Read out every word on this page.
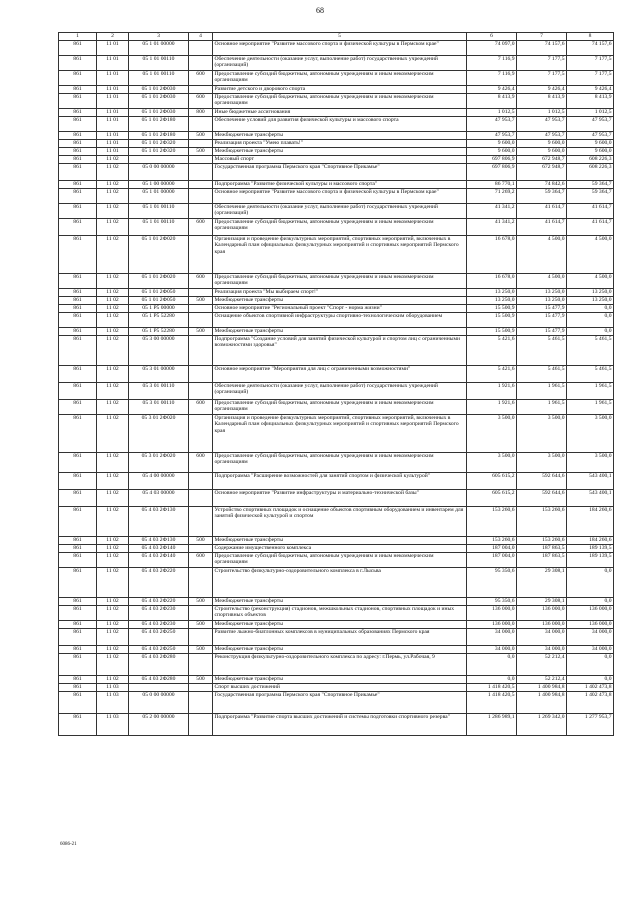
68
1	2	3	4	5	6	7	8
861	11 01	05 1 01 00000		Основное мероприятие "Развитие массового спорта и физической культуры в Пермском крае"	74 097,0	74 157,6	74 157,6
861	11 01	05 1 01 00110		Обеспечение деятельности (оказание услуг, выполнение работ) государственных учреждений (организаций)	7 116,9	7 177,5	7 177,5
861	11 01	05 1 01 00110	600	Предоставление субсидий бюджетным, автономным учреждениям и иным некоммерческим организациям	7 116,9	7 177,5	7 177,5
861	11 01	05 1 01 2Ф030		Развитие детского и дворового спорта	9 426,4	9 426,4	9 426,4
861	11 01	05 1 01 2Ф030	600	Предоставление субсидий бюджетным, автономным учреждениям и иным некоммерческим организациям	8 413,9	8 413,9	8 413,9
861	11 01	05 1 01 2Ф030	800	Иные бюджетные ассигнования	1 012,5	1 012,5	1 012,5
861	11 01	05 1 01 2Ф180		Обеспечение условий для развития физической культуры и массового спорта	47 953,7	47 953,7	47 953,7
861	11 01	05 1 01 2Ф180	500	Межбюджетные трансферты	47 953,7	47 953,7	47 953,7
861	11 01	05 1 01 2Ф320		Реализация проекта "Умею плавать!"	9 600,0	9 600,0	9 600,0
861	11 01	05 1 01 2Ф320	500	Межбюджетные трансферты	9 600,0	9 600,0	9 600,0
861	11 02			Массовый спорт	697 806,9	672 948,7	608 226,3
861	11 02	05 0 00 00000		Государственная программа Пермского края "Спортивное Прикамье"	697 806,9	672 948,7	608 226,3
861	11 02	05 1 00 00000		Подпрограмма "Развитие физической культуры и массового спорта"	86 770,1	74 842,6	59 364,7
861	11 02	05 1 01 00000		Основное мероприятие "Развитие массового спорта и физической культуры в Пермском крае"	71 269,2	59 364,7	59 364,7
861	11 02	05 1 01 00110		Обеспечение деятельности (оказание услуг, выполнение работ) государственных учреждений (организаций)	41 341,2	41 614,7	41 614,7
861	11 02	05 1 01 00110	600	Предоставление субсидий бюджетным, автономным учреждениям и иным некоммерческим организациям	41 341,2	41 614,7	41 614,7
861	11 02	05 1 01 2Ф020		Организация и проведение физкультурных мероприятий, спортивных мероприятий, включенных в Календарный план официальных физкультурных мероприятий и спортивных мероприятий Пермского края	16 678,0	4 500,0	4 500,0
861	11 02	05 1 01 2Ф020	600	Предоставление субсидий бюджетным, автономным учреждениям и иным некоммерческим организациям	16 678,0	4 500,0	4 500,0
861	11 02	05 1 01 2Ф050		Реализация проекта "Мы выбираем спорт!"	13 250,0	13 250,0	13 250,0
861	11 02	05 1 01 2Ф050	500	Межбюджетные трансферты	13 250,0	13 250,0	13 250,0
861	11 02	05 1 Р5 00000		Основное мероприятие "Региональный проект "Спорт - норма жизни"	15 500,9	15 477,9	0,0
861	11 02	05 1 Р5 52280		Оснащение объектов спортивной инфраструктуры спортивно-технологическим оборудованием	15 500,9	15 477,9	0,0
861	11 02	05 1 Р5 52280	500	Межбюджетные трансферты	15 500,9	15 477,9	0,0
861	11 02	05 3 00 00000		Подпрограмма "Создание условий для занятий физической культурой и спортом лиц с ограниченными возможностями здоровья"	5 421,6	5 461,5	5 461,5
861	11 02	05 3 01 00000		Основное мероприятие "Мероприятия для лиц с ограниченными возможностями"	5 421,6	5 461,5	5 461,5
861	11 02	05 3 01 00110		Обеспечение деятельности (оказание услуг, выполнение работ) государственных учреждений (организаций)	1 921,6	1 961,5	1 961,5
861	11 02	05 3 01 00110	600	Предоставление субсидий бюджетным, автономным учреждениям и иным некоммерческим организациям	1 921,6	1 961,5	1 961,5
861	11 02	05 3 01 2Ф020		Организация и проведение физкультурных мероприятий, спортивных мероприятий, включенных в Календарный план официальных физкультурных мероприятий и спортивных мероприятий Пермского края	3 500,0	3 500,0	3 500,0
861	11 02	05 3 01 2Ф020	600	Предоставление субсидий бюджетным, автономным учреждениям и иным некоммерческим организациям	3 500,0	3 500,0	3 500,0
861	11 02	05 4 00 00000		Подпрограмма "Расширение возможностей для занятий спортом и физической культурой"	605 615,2	592 644,6	543 400,1
861	11 02	05 4 03 00000		Основное мероприятие "Развитие инфраструктуры и материально-технической базы"	605 615,2	592 644,6	543 400,1
861	11 02	05 4 03 2Ф130		Устройство спортивных площадок и оснащение объектов спортивным оборудованием и инвентарем для занятий физической культурой и спортом	153 260,6	153 260,6	184 260,6
861	11 02	05 4 03 2Ф130	500	Межбюджетные трансферты	153 260,6	153 260,6	184 260,6
861	11 02	05 4 03 2Ф140		Содержание имущественного комплекса	187 004,0	187 863,5	189 139,5
861	11 02	05 4 03 2Ф140	600	Предоставление субсидий бюджетным, автономным учреждениям и иным некоммерческим организациям	187 004,0	187 863,5	189 139,5
861	11 02	05 4 03 2Ф220		Строительство физкультурно-оздоровительного комплекса в г.Лысьва	95 350,6	29 308,1	0,0
861	11 02	05 4 03 2Ф220	500	Межбюджетные трансферты	95 350,6	29 308,1	0,0
861	11 02	05 4 03 2Ф230		Строительство (реконструкция) стадионов, межшкольных стадионов, спортивных площадок и иных спортивных объектов	136 000,0	136 000,0	136 000,0
861	11 02	05 4 03 2Ф230	500	Межбюджетные трансферты	136 000,0	136 000,0	136 000,0
861	11 02	05 4 03 2Ф250		Развитие лыжно-биатлонных комплексов в муниципальных образованиях Пермского края	34 000,0	34 000,0	34 000,0
861	11 02	05 4 03 2Ф250	500	Межбюджетные трансферты	34 000,0	34 000,0	34 000,0
861	11 02	05 4 03 2Ф280		Реконструкция физкультурно-оздоровительного комплекса по адресу: г.Пермь, ул.Рабочая, 9	0,0	52 212,4	0,0
861	11 02	05 4 03 2Ф280	500	Межбюджетные трансферты	0,0	52 212,4	0,0
861	11 03			Спорт высших достижений	1 418 420,5	1 400 984,8	1 402 473,8
861	11 03	05 0 00 00000		Государственная программа Пермского края "Спортивное Прикамье"	1 418 420,5	1 400 984,8	1 402 473,8
861	11 03	05 2 00 00000		Подпрограмма "Развитие спорта высших достижений и системы подготовки спортивного резерва"	1 286 989,1	1 269 342,0	1 277 953,7
6086-21
